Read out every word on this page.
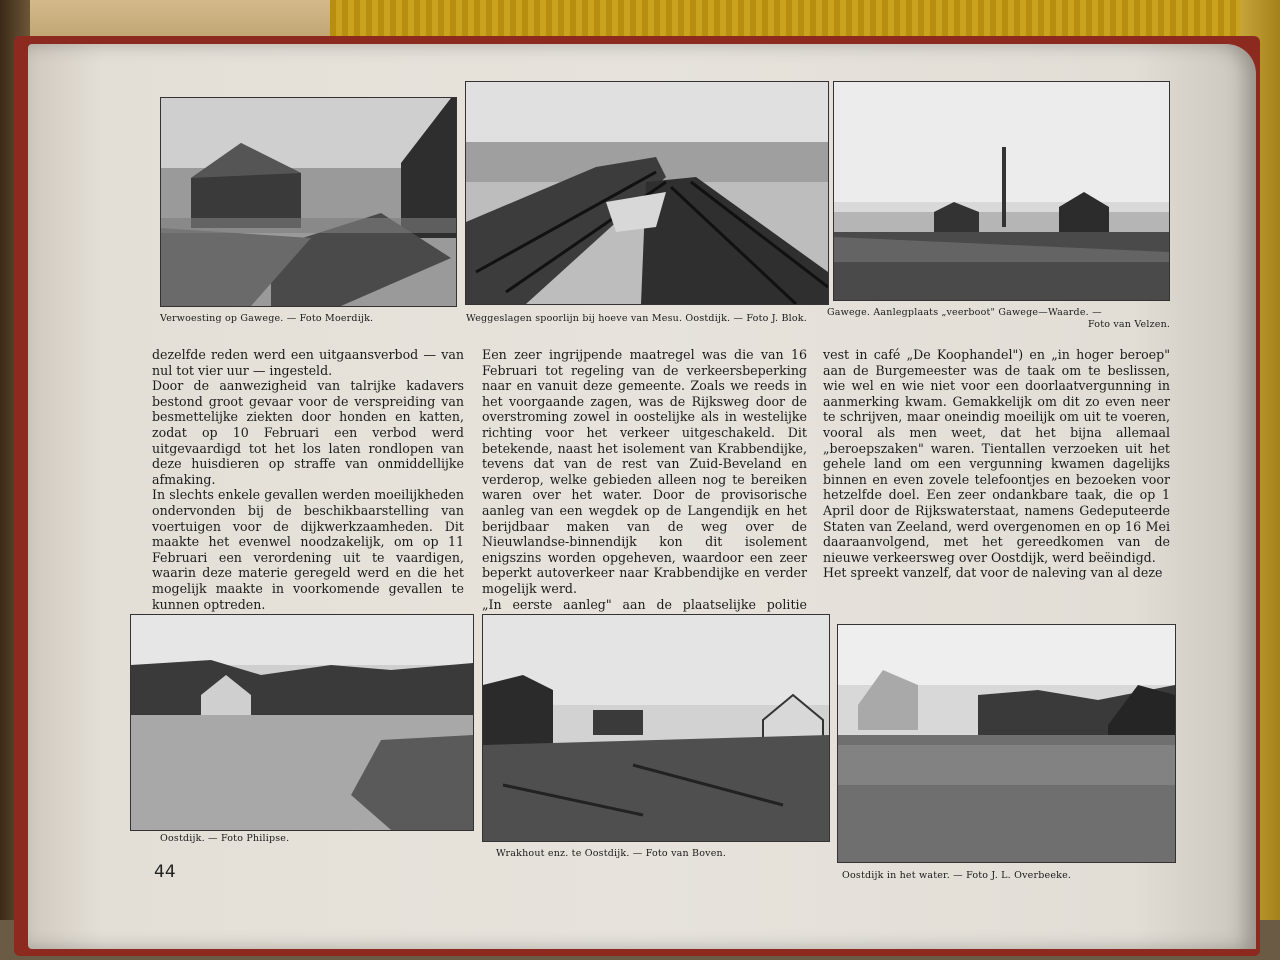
Verwoesting op Gawege. — Foto Moerdijk.	Weggeslagen spoorlijn bij hoeve van Mesu. Oostdijk. — Foto J. Blok.
Gawege. Aanlegplaats „veerboot" Gawege—Waarde. —
Foto van Velzen.

dezelfde reden werd een uitgaansverbod — van nul tot vier uur — ingesteld.

Door de aanwezigheid van talrijke kadavers bestond groot gevaar voor de verspreiding van besmettelijke ziekten door honden en katten, zodat op 10 Februari een verbod werd uitgevaardigd tot het los laten rondlopen van deze huisdieren op straffe van onmiddellijke afmaking.

In slechts enkele gevallen werden moeilijkheden ondervonden bij de beschikbaarstelling van voertuigen voor de dijkwerkzaamheden. Dit maakte het evenwel noodzakelijk, om op 11 Februari een verordening uit te vaardigen, waarin deze materie geregeld werd en die het mogelijk maakte in voorkomende gevallen te kunnen optreden.

Een zeer ingrijpende maatregel was die van 16 Februari tot regeling van de verkeersbeperking naar en vanuit deze gemeente. Zoals we reeds in het voorgaande zagen, was de Rijksweg door de overstroming zowel in oostelijke als in westelijke richting voor het verkeer uitgeschakeld. Dit betekende, naast het isolement van Krabbendijke, tevens dat van de rest van Zuid-Beveland en verderop, welke gebieden alleen nog te bereiken waren over het water. Door de provisorische aanleg van een wegdek op de Langendijk en het berijdbaar maken van de weg over de Nieuwlandse-binnendijk kon dit isolement enigszins worden opgeheven, waardoor een zeer beperkt autoverkeer naar Krabbendijke en verder mogelijk werd.

„In eerste aanleg" aan de plaatselijke politie

vest in café „De Koophandel") en „in hoger beroep" aan de Burgemeester was de taak om te beslissen, wie wel en wie niet voor een doorlaatvergunning in aanmerking kwam. Gemakkelijk om dit zo even neer te schrijven, maar oneindig moeilijk om uit te voeren, vooral als men weet, dat het bijna allemaal „beroepszaken" waren. Tientallen verzoeken uit het gehele land om een vergunning kwamen dagelijks binnen en even zovele telefoontjes en bezoeken voor hetzelfde doel. Een zeer ondankbare taak, die op 1 April door de Rijkswaterstaat, namens Gedeputeerde Staten van Zeeland, werd overgenomen en op 16 Mei daaraanvolgend, met het gereedkomen van de nieuwe verkeersweg over Oostdijk, werd beëindigd.

Het spreekt vanzelf, dat voor de naleving van al deze

Oostdijk. — Foto Philipse.
Wrakhout enz. te Oostdijk. — Foto van Boven.
Oostdijk in het water. — Foto J. L. Overbeeke.
44
